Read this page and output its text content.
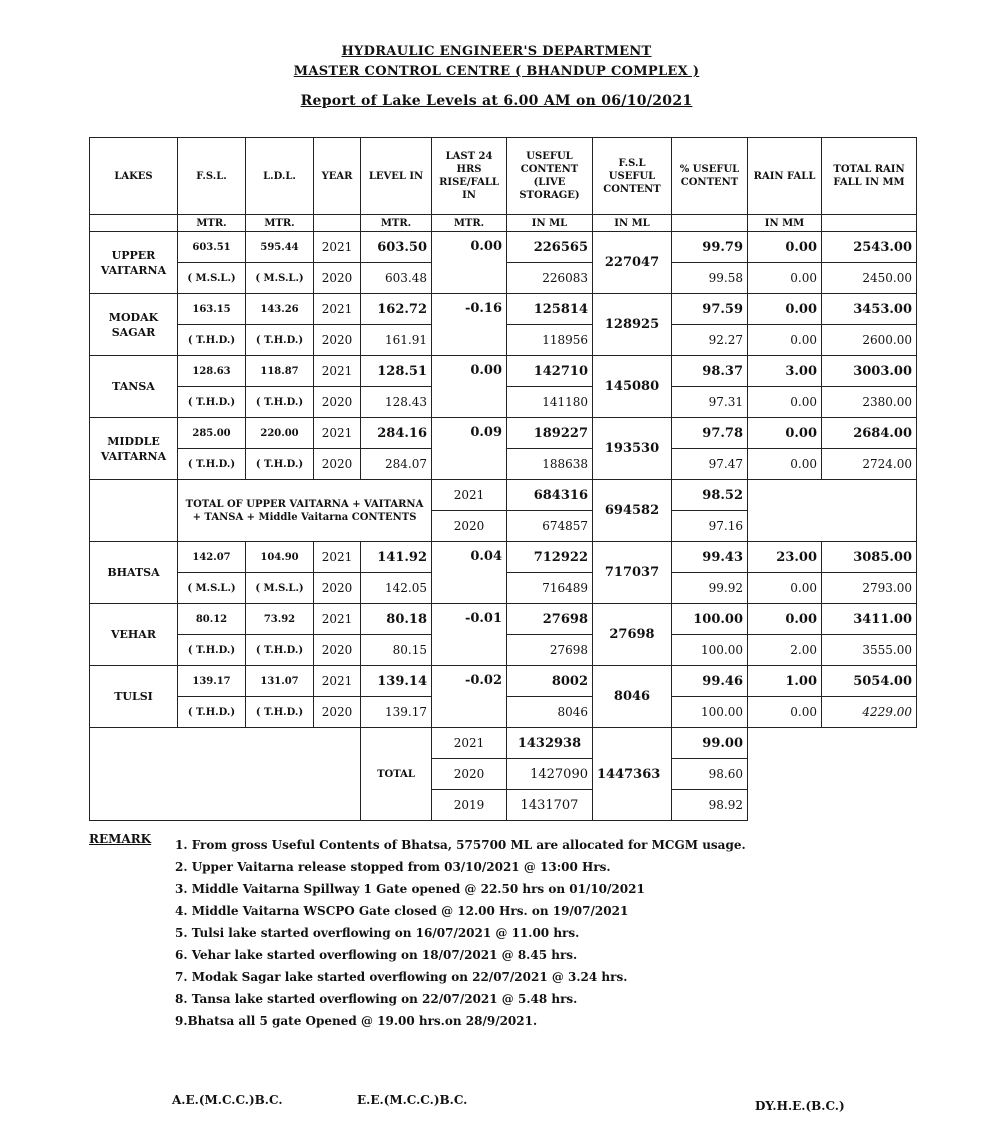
HYDRAULIC ENGINEER'S DEPARTMENT
MASTER CONTROL CENTRE ( BHANDUP COMPLEX )
Report of Lake Levels at 6.00 AM on 06/10/2021
LAKES	F.S.L.	L.D.L.	YEAR	LEVEL IN	LAST 24 HRS RISE/FALL IN	USEFUL CONTENT (LIVE STORAGE)	F.S.L USEFUL CONTENT	% USEFUL CONTENT	RAIN FALL	TOTAL RAIN FALL IN MM
	MTR.	MTR.		MTR.	MTR.	IN ML	IN ML		IN MM	
UPPER VAITARNA	603.51	595.44	2021	603.50	0.00	226565	227047	99.79	0.00	2543.00
	( M.S.L.)	( M.S.L.)	2020	603.48		226083		99.58	0.00	2450.00
MODAK SAGAR	163.15	143.26	2021	162.72	-0.16	125814	128925	97.59	0.00	3453.00
	( T.H.D.)	( T.H.D.)	2020	161.91		118956		92.27	0.00	2600.00
TANSA	128.63	118.87	2021	128.51	0.00	142710	145080	98.37	3.00	3003.00
	( T.H.D.)	( T.H.D.)	2020	128.43		141180		97.31	0.00	2380.00
MIDDLE VAITARNA	285.00	220.00	2021	284.16	0.09	189227	193530	97.78	0.00	2684.00
	( T.H.D.)	( T.H.D.)	2020	284.07		188638		97.47	0.00	2724.00
	TOTAL OF UPPER VAITARNA + VAITARNA + TANSA + Middle Vaitarna CONTENTS				2021	684316	694582	98.52		
					2020	674857		97.16		
BHATSA	142.07	104.90	2021	141.92	0.04	712922	717037	99.43	23.00	3085.00
	( M.S.L.)	( M.S.L.)	2020	142.05		716489		99.92	0.00	2793.00
VEHAR	80.12	73.92	2021	80.18	-0.01	27698	27698	100.00	0.00	3411.00
	( T.H.D.)	( T.H.D.)	2020	80.15		27698		100.00	2.00	3555.00
TULSI	139.17	131.07	2021	139.14	-0.02	8002	8046	99.46	1.00	5054.00
	( T.H.D.)	( T.H.D.)	2020	139.17		8046		100.00	0.00	4229.00
				TOTAL	2021	1432938	1447363	99.00		
					2020	1427090		98.60		
					2019	1431707		98.92		
REMARK 1. From gross Useful Contents of Bhatsa, 575700 ML are allocated for MCGM usage.
2. Upper Vaitarna release stopped from 03/10/2021 @ 13:00 Hrs.
3. Middle Vaitarna Spillway 1 Gate opened @ 22.50 hrs on 01/10/2021
4. Middle Vaitarna WSCPO Gate closed @ 12.00 Hrs. on 19/07/2021
5. Tulsi lake started overflowing on 16/07/2021 @ 11.00 hrs.
6. Vehar lake started overflowing on 18/07/2021 @ 8.45 hrs.
7. Modak Sagar lake started overflowing on 22/07/2021 @ 3.24 hrs.
8. Tansa lake started overflowing on 22/07/2021 @ 5.48 hrs.
9.Bhatsa all 5 gate Opened @ 19.00 hrs.on 28/9/2021.
A.E.(M.C.C.)B.C.	E.E.(M.C.C.)B.C.	DY.H.E.(B.C.)
